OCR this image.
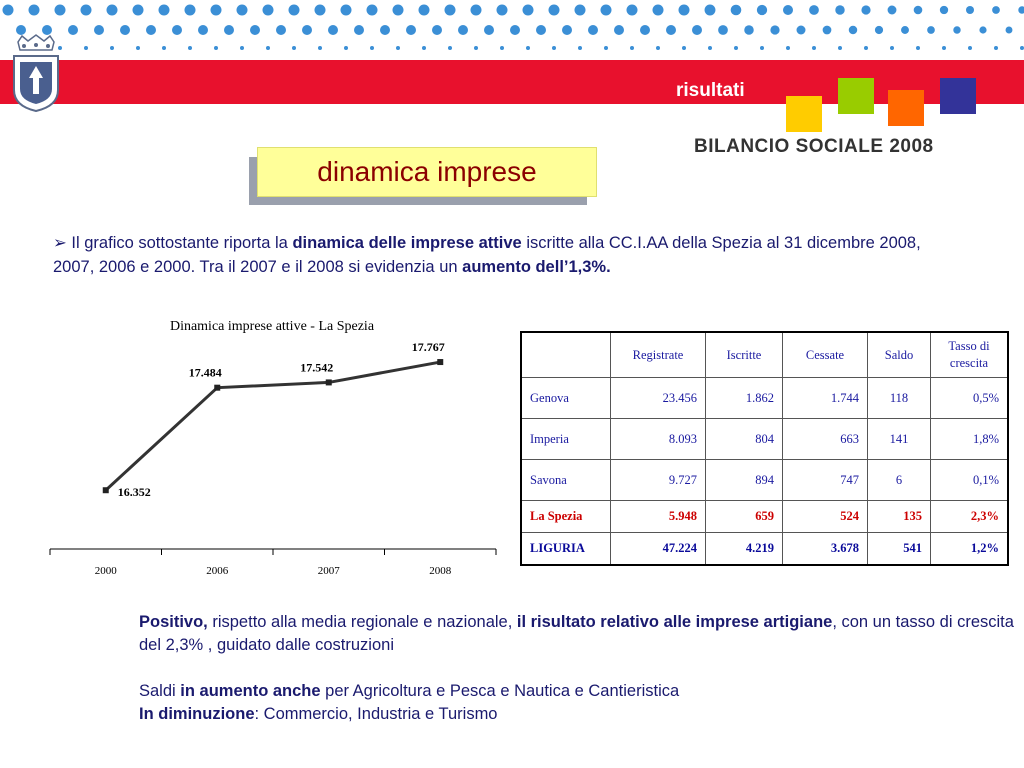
risultati
BILANCIO SOCIALE 2008
dinamica imprese
➢ Il grafico sottostante riporta la dinamica delle imprese attive iscritte alla CC.I.AA della Spezia al 31 dicembre 2008, 2007, 2006 e 2000. Tra il 2007 e il 2008 si evidenzia un aumento dell’1,3%.
Dinamica imprese attive - La Spezia
16.352
2000
17.484
2006
17.542
2007
17.767
2008
	Registrate	Iscritte	Cessate	Saldo	Tasso di crescita
Genova	23.456	1.862	1.744	118	0,5%
Imperia	8.093	804	663	141	1,8%
Savona	9.727	894	747	6	0,1%
La Spezia	5.948	659	524	135	2,3%
LIGURIA	47.224	4.219	3.678	541	1,2%

Positivo, rispetto alla media regionale e nazionale, il risultato relativo alle imprese artigiane, con un tasso di crescita del 2,3% , guidato dalle costruzioni

Saldi in aumento anche per Agricoltura e Pesca e Nautica e Cantieristica

In diminuzione: Commercio, Industria e Turismo
